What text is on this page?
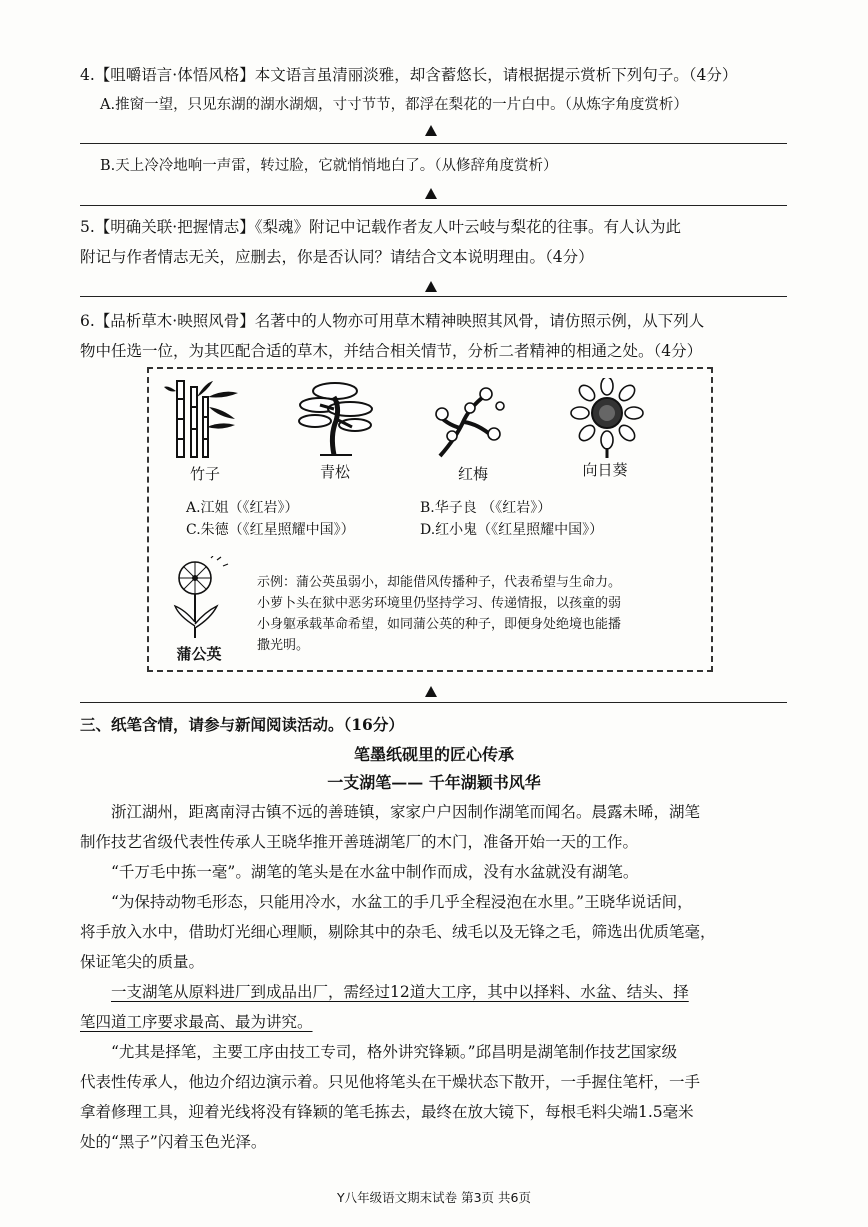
4.【咀嚼语言·体悟风格】本文语言虽清丽淡雅，却含蓄悠长，请根据提示赏析下列句子。（4分）
A.推窗一望，只见东湖的湖水湖烟，寸寸节节，都浮在梨花的一片白中。（从炼字角度赏析）
B.天上冷冷地响一声雷，转过脸，它就悄悄地白了。（从修辞角度赏析）
5.【明确关联·把握情志】《梨魂》附记中记载作者友人叶云岐与梨花的往事。有人认为此
附记与作者情志无关，应删去，你是否认同？请结合文本说明理由。（4分）
6.【品析草木·映照风骨】名著中的人物亦可用草木精神映照其风骨，请仿照示例，从下列人
物中任选一位，为其匹配合适的草木，并结合相关情节，分析二者精神的相通之处。（4分）
竹子	青松	红梅	向日葵
A.江姐（《红岩》）	B.华子良 （《红岩》）
C.朱德（《红星照耀中国》）	D.红小鬼（《红星照耀中国》）
蒲公英
示例：蒲公英虽弱小，却能借风传播种子，代表希望与生命力。
小萝卜头在狱中恶劣环境里仍坚持学习、传递情报，以孩童的弱
小身躯承载革命希望，如同蒲公英的种子，即便身处绝境也能播
撒光明。
三、纸笔含情，请参与新闻阅读活动。（16分）
笔墨纸砚里的匠心传承
一支湖笔—— 千年湖颖书风华
浙江湖州，距离南浔古镇不远的善琏镇，家家户户因制作湖笔而闻名。晨露未晞，湖笔
制作技艺省级代表性传承人王晓华推开善琏湖笔厂的木门，准备开始一天的工作。
“千万毛中拣一毫”。湖笔的笔头是在水盆中制作而成，没有水盆就没有湖笔。
“为保持动物毛形态，只能用冷水，水盆工的手几乎全程浸泡在水里。”王晓华说话间，
将手放入水中，借助灯光细心理顺，剔除其中的杂毛、绒毛以及无锋之毛，筛选出优质笔毫，
保证笔尖的质量。
一支湖笔从原料进厂到成品出厂，需经过12道大工序，其中以择料、水盆、结头、择
笔四道工序要求最高、最为讲究。
“尤其是择笔，主要工序由技工专司，格外讲究锋颖。”邱昌明是湖笔制作技艺国家级
代表性传承人，他边介绍边演示着。只见他将笔头在干燥状态下散开，一手握住笔杆，一手
拿着修理工具，迎着光线将没有锋颖的笔毛拣去，最终在放大镜下，每根毛料尖端1.5毫米
处的“黑子”闪着玉色光泽。
Y八年级语文期末试卷 第3页 共6页
